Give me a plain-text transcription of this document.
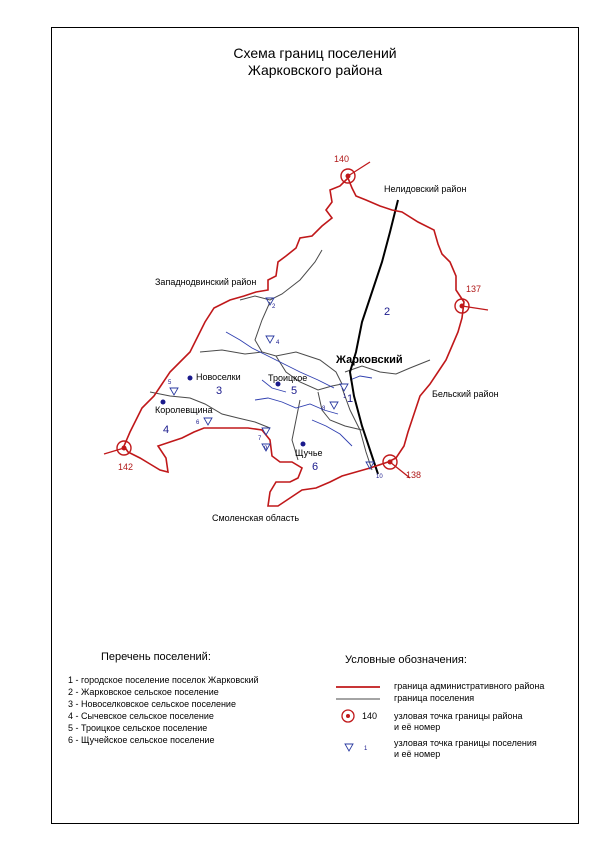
Схема границ поселений
Жарковского района
140
137
138
142
1
2
4
5
6
7
8
9
10
Нелидовский район
Западнодвинский район
Бельский район
Смоленская область
Жарковский
Новоселки
Королевщина
Троицкое
Щучье
1
2
3
4
5
6
140
1
Перечень поселений:
1 - городское поселение поселок Жарковский
2 - Жарковское сельское поселение
3 - Новоселковское сельское поселение
4 - Сычевское сельское поселение
5 - Троицкое сельское поселение
6 - Щучейское сельское поселение
Условные обозначения:
граница административного района
граница поселения
узловая точка границы района
и её номер
узловая точка границы поселения
и её номер
